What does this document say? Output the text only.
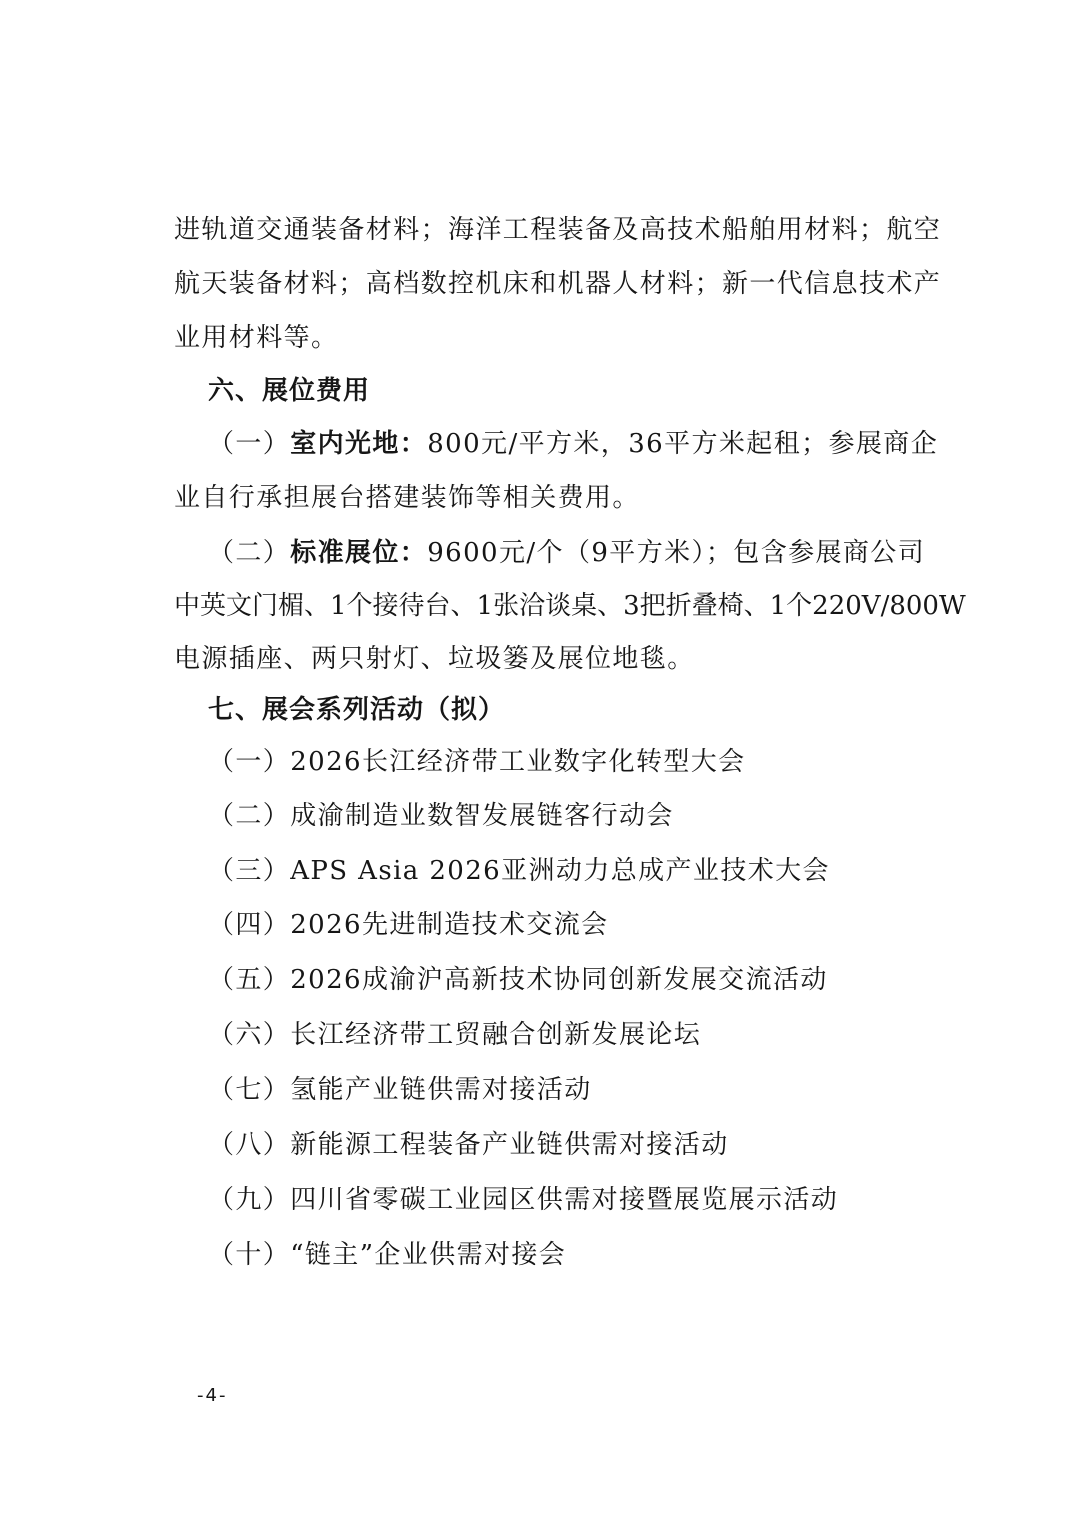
进轨道交通装备材料；海洋工程装备及高技术船舶用材料；航空
航天装备材料；高档数控机床和机器人材料；新一代信息技术产
业用材料等。
六、展位费用
（一）室内光地：800元/平方米，36平方米起租；参展商企
业自行承担展台搭建装饰等相关费用。
（二）标准展位：9600元/个（9平方米）；包含参展商公司
中英文门楣、1个接待台、1张洽谈桌、3把折叠椅、1个220V/800W
电源插座、两只射灯、垃圾篓及展位地毯。
七、展会系列活动（拟）
（一）2026长江经济带工业数字化转型大会
（二）成渝制造业数智发展链客行动会
（三）APS Asia 2026亚洲动力总成产业技术大会
（四）2026先进制造技术交流会
（五）2026成渝沪高新技术协同创新发展交流活动
（六）长江经济带工贸融合创新发展论坛
（七）氢能产业链供需对接活动
（八）新能源工程装备产业链供需对接活动
（九）四川省零碳工业园区供需对接暨展览展示活动
（十）“链主”企业供需对接会
-4-
